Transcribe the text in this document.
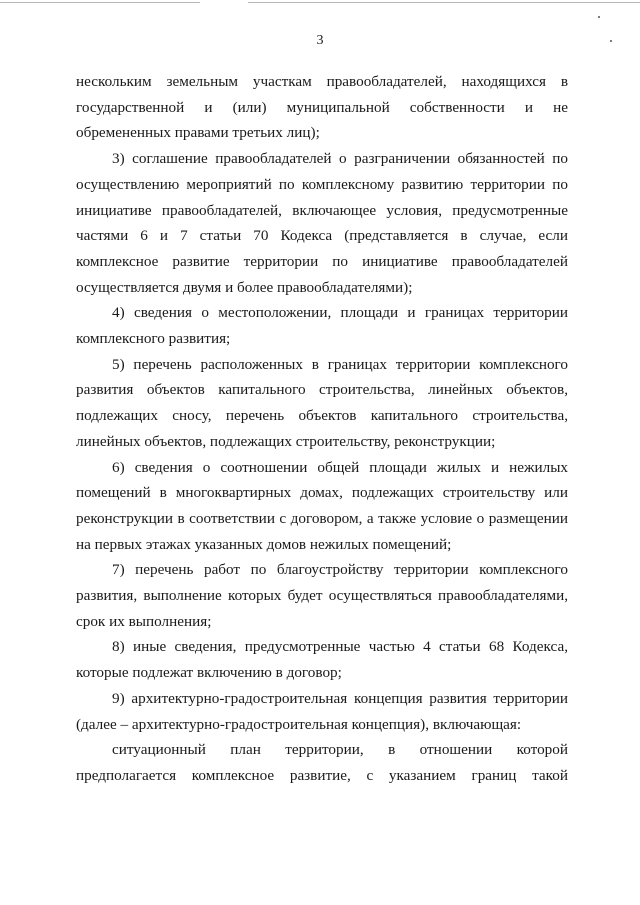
3

нескольким земельным участкам правообладателей, находящихся в государственной и (или) муниципальной собственности и не обремененных правами третьих лиц);

3) соглашение правообладателей о разграничении обязанностей по осуществлению мероприятий по комплексному развитию территории по инициативе правообладателей, включающее условия, предусмотренные частями 6 и 7 статьи 70 Кодекса (представляется в случае, если комплексное развитие территории по инициативе правообладателей осуществляется двумя и более правообладателями);

4) сведения о местоположении, площади и границах территории комплексного развития;

5) перечень расположенных в границах территории комплексного развития объектов капитального строительства, линейных объектов, подлежащих сносу, перечень объектов капитального строительства, линейных объектов, подлежащих строительству, реконструкции;

6) сведения о соотношении общей площади жилых и нежилых помещений в многоквартирных домах, подлежащих строительству или реконструкции в соответствии с договором, а также условие о размещении на первых этажах указанных домов нежилых помещений;

7) перечень работ по благоустройству территории комплексного развития, выполнение которых будет осуществляться правообладателями, срок их выполнения;

8) иные сведения, предусмотренные частью 4 статьи 68 Кодекса, которые подлежат включению в договор;

9) архитектурно-градостроительная концепция развития территории (далее – архитектурно-градостроительная концепция), включающая:

ситуационный план территории, в отношении которой предполагается комплексное развитие, с указанием границ такой
